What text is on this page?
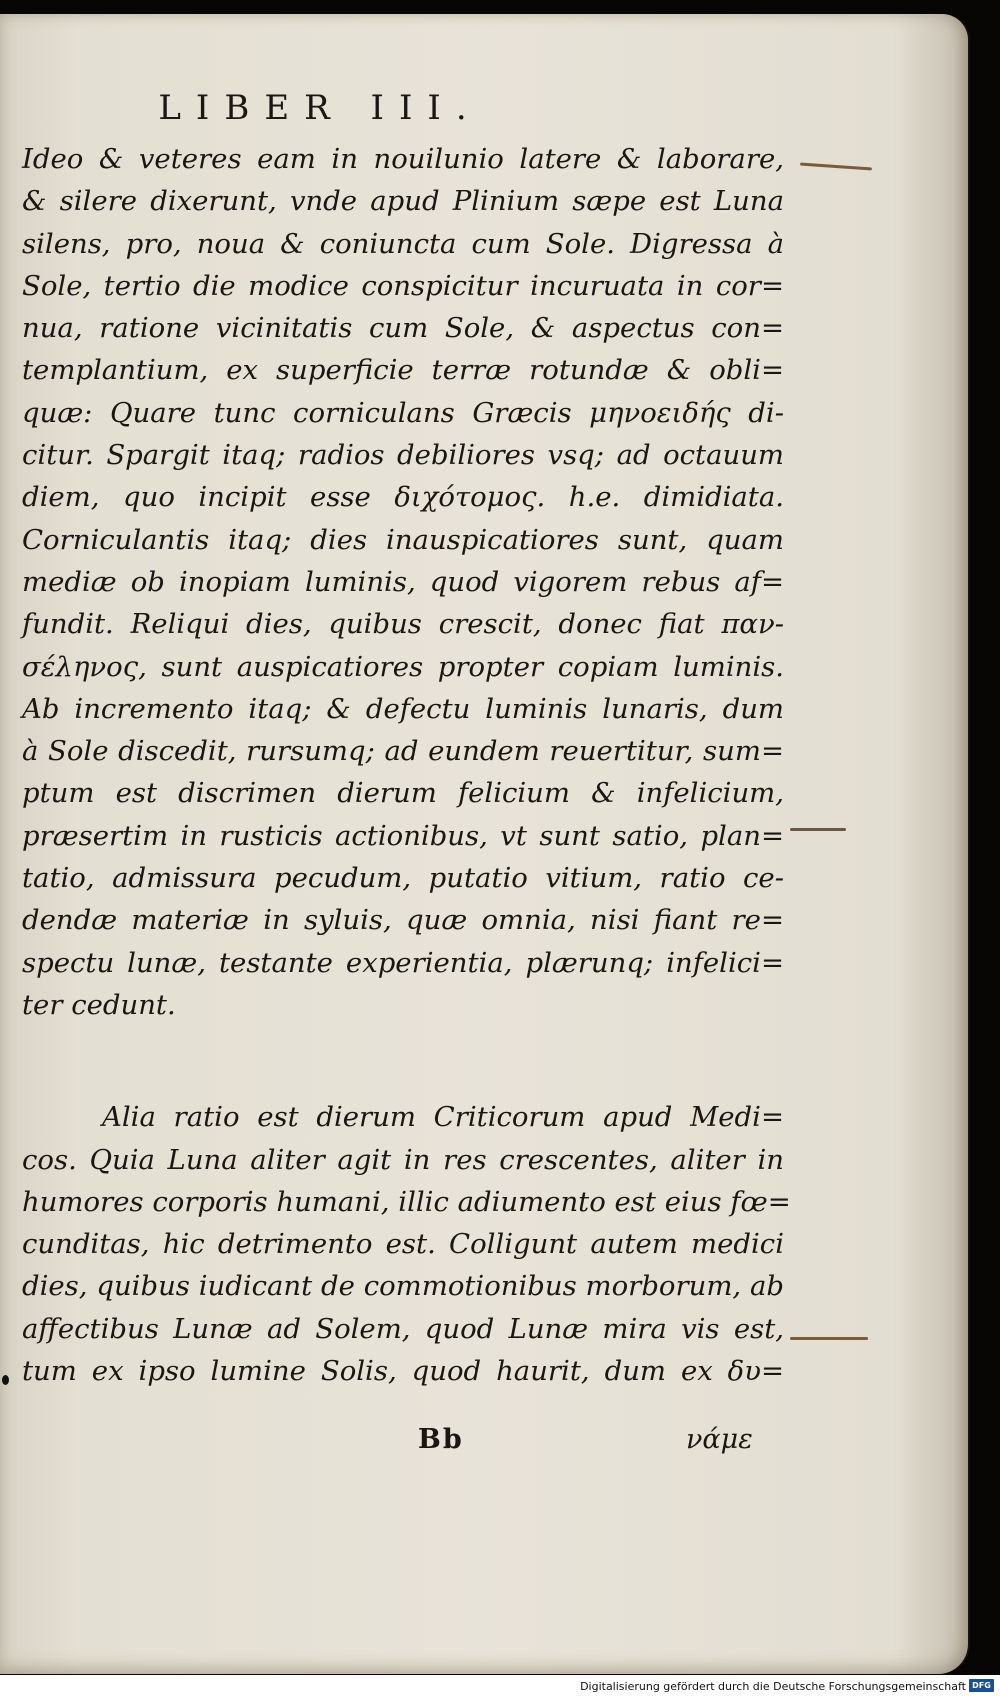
LIBER III.
Ideo & veteres eam in nouilunio latere & laborare,
& silere dixerunt, vnde apud Plinium sæpe est Luna
silens, pro, noua & coniuncta cum Sole. Digressa à
Sole, tertio die modice conspicitur incuruata in cor=
nua, ratione vicinitatis cum Sole, & aspectus con=
templantium, ex superficie terræ rotundæ & obli=
quæ: Quare tunc corniculans Græcis μηνοειδής di-
citur. Spargit itaq; radios debiliores vsq; ad octauum
diem, quo incipit esse διχότομος. h.e. dimidiata.
Corniculantis itaq; dies inauspicatiores sunt, quam
mediæ ob inopiam luminis, quod vigorem rebus af=
fundit. Reliqui dies, quibus crescit, donec fiat παν-
σέληνος, sunt auspicatiores propter copiam luminis.
Ab incremento itaq; & defectu luminis lunaris, dum
à Sole discedit, rursumq; ad eundem reuertitur, sum=
ptum est discrimen dierum felicium & infelicium,
præsertim in rusticis actionibus, vt sunt satio, plan=
tatio, admissura pecudum, putatio vitium, ratio ce-
dendæ materiæ in syluis, quæ omnia, nisi fiant re=
spectu lunæ, testante experientia, plærunq; infelici=
ter cedunt.
Alia ratio est dierum Criticorum apud Medi=
cos. Quia Luna aliter agit in res crescentes, aliter in
humores corporis humani, illic adiumento est eius fœ=
cunditas, hic detrimento est. Colligunt autem medici
dies, quibus iudicant de commotionibus morborum, ab
affectibus Lunæ ad Solem, quod Lunæ mira vis est,
tum ex ipso lumine Solis, quod haurit, dum ex δυ=
Bb	νάμε
Digitalisierung gefördert durch die Deutsche Forschungsgemeinschaft DFG
